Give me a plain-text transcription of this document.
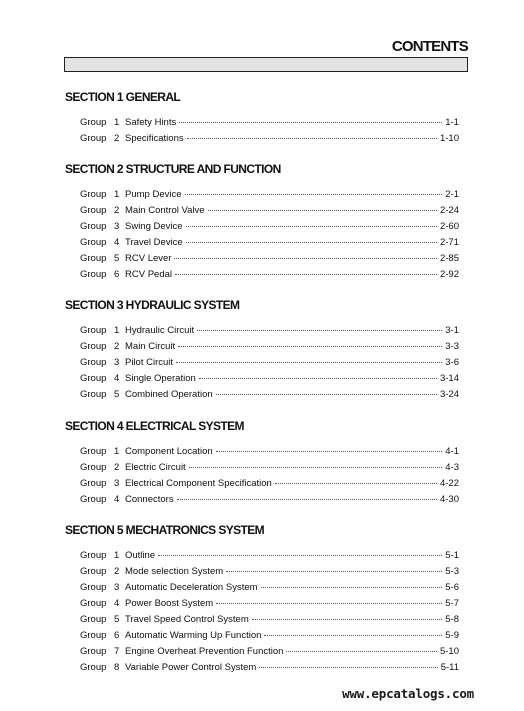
CONTENTS
SECTION 1 GENERAL
Group 1 Safety Hints	1-1
Group 2 Specifications	1-10
SECTION 2 STRUCTURE AND FUNCTION
Group 1 Pump Device	2-1
Group 2 Main Control Valve	2-24
Group 3 Swing Device	2-60
Group 4 Travel Device	2-71
Group 5 RCV Lever	2-85
Group 6 RCV Pedal	2-92
SECTION 3 HYDRAULIC SYSTEM
Group 1 Hydraulic Circuit	3-1
Group 2 Main Circuit	3-3
Group 3 Pilot Circuit	3-6
Group 4 Single Operation	3-14
Group 5 Combined Operation	3-24
SECTION 4 ELECTRICAL SYSTEM
Group 1 Component Location	4-1
Group 2 Electric Circuit	4-3
Group 3 Electrical Component Specification	4-22
Group 4 Connectors	4-30
SECTION 5 MECHATRONICS SYSTEM
Group 1 Outline	5-1
Group 2 Mode selection System	5-3
Group 3 Automatic Deceleration System	5-6
Group 4 Power Boost System	5-7
Group 5 Travel Speed Control System	5-8
Group 6 Automatic Warming Up Function	5-9
Group 7 Engine Overheat Prevention Function	5-10
Group 8 Variable Power Control System	5-11
www.epcatalogs.com
